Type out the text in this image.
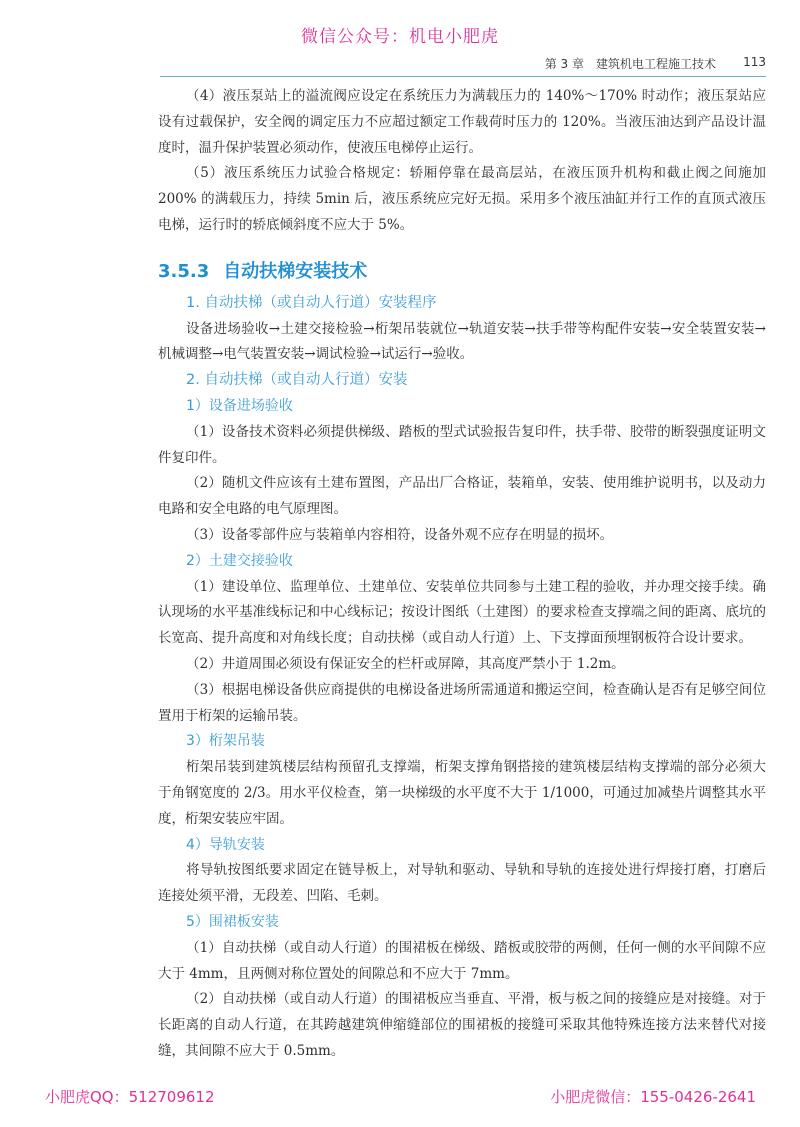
微信公众号：机电小肥虎
第 3 章　建筑机电工程施工技术 113

（4）液压泵站上的溢流阀应设定在系统压力为满载压力的 140%～170% 时动作；液压泵站应设有过载保护，安全阀的调定压力不应超过额定工作载荷时压力的 120%。当液压油达到产品设计温度时，温升保护装置必须动作，使液压电梯停止运行。

（5）液压系统压力试验合格规定：轿厢停靠在最高层站，在液压顶升机构和截止阀之间施加 200% 的满载压力，持续 5min 后，液压系统应完好无损。采用多个液压油缸并行工作的直顶式液压电梯，运行时的轿底倾斜度不应大于 5%。

3.5.3 自动扶梯安装技术
1. 自动扶梯（或自动人行道）安装程序

设备进场验收→土建交接检验→桁架吊装就位→轨道安装→扶手带等构配件安装→安全装置安装→机械调整→电气装置安装→调试检验→试运行→验收。

2. 自动扶梯（或自动人行道）安装
1）设备进场验收

（1）设备技术资料必须提供梯级、踏板的型式试验报告复印件，扶手带、胶带的断裂强度证明文件复印件。

（2）随机文件应该有土建布置图，产品出厂合格证，装箱单，安装、使用维护说明书，以及动力电路和安全电路的电气原理图。

（3）设备零部件应与装箱单内容相符，设备外观不应存在明显的损坏。

2）土建交接验收

（1）建设单位、监理单位、土建单位、安装单位共同参与土建工程的验收，并办理交接手续。确认现场的水平基准线标记和中心线标记；按设计图纸（土建图）的要求检查支撑端之间的距离、底坑的长宽高、提升高度和对角线长度；自动扶梯（或自动人行道）上、下支撑面预埋钢板符合设计要求。

（2）井道周围必须设有保证安全的栏杆或屏障，其高度严禁小于 1.2m。

（3）根据电梯设备供应商提供的电梯设备进场所需通道和搬运空间，检查确认是否有足够空间位置用于桁架的运输吊装。

3）桁架吊装

桁架吊装到建筑楼层结构预留孔支撑端，桁架支撑角钢搭接的建筑楼层结构支撑端的部分必须大于角钢宽度的 2/3。用水平仪检查，第一块梯级的水平度不大于 1/1000，可通过加减垫片调整其水平度，桁架安装应牢固。

4）导轨安装

将导轨按图纸要求固定在链导板上，对导轨和驱动、导轨和导轨的连接处进行焊接打磨，打磨后连接处须平滑，无段差、凹陷、毛刺。

5）围裙板安装

（1）自动扶梯（或自动人行道）的围裙板在梯级、踏板或胶带的两侧，任何一侧的水平间隙不应大于 4mm，且两侧对称位置处的间隙总和不应大于 7mm。

（2）自动扶梯（或自动人行道）的围裙板应当垂直、平滑，板与板之间的接缝应是对接缝。对于长距离的自动人行道，在其跨越建筑伸缩缝部位的围裙板的接缝可采取其他特殊连接方法来替代对接缝，其间隙不应大于 0.5mm。

小肥虎QQ：512709612	小肥虎微信：155-0426-2641
